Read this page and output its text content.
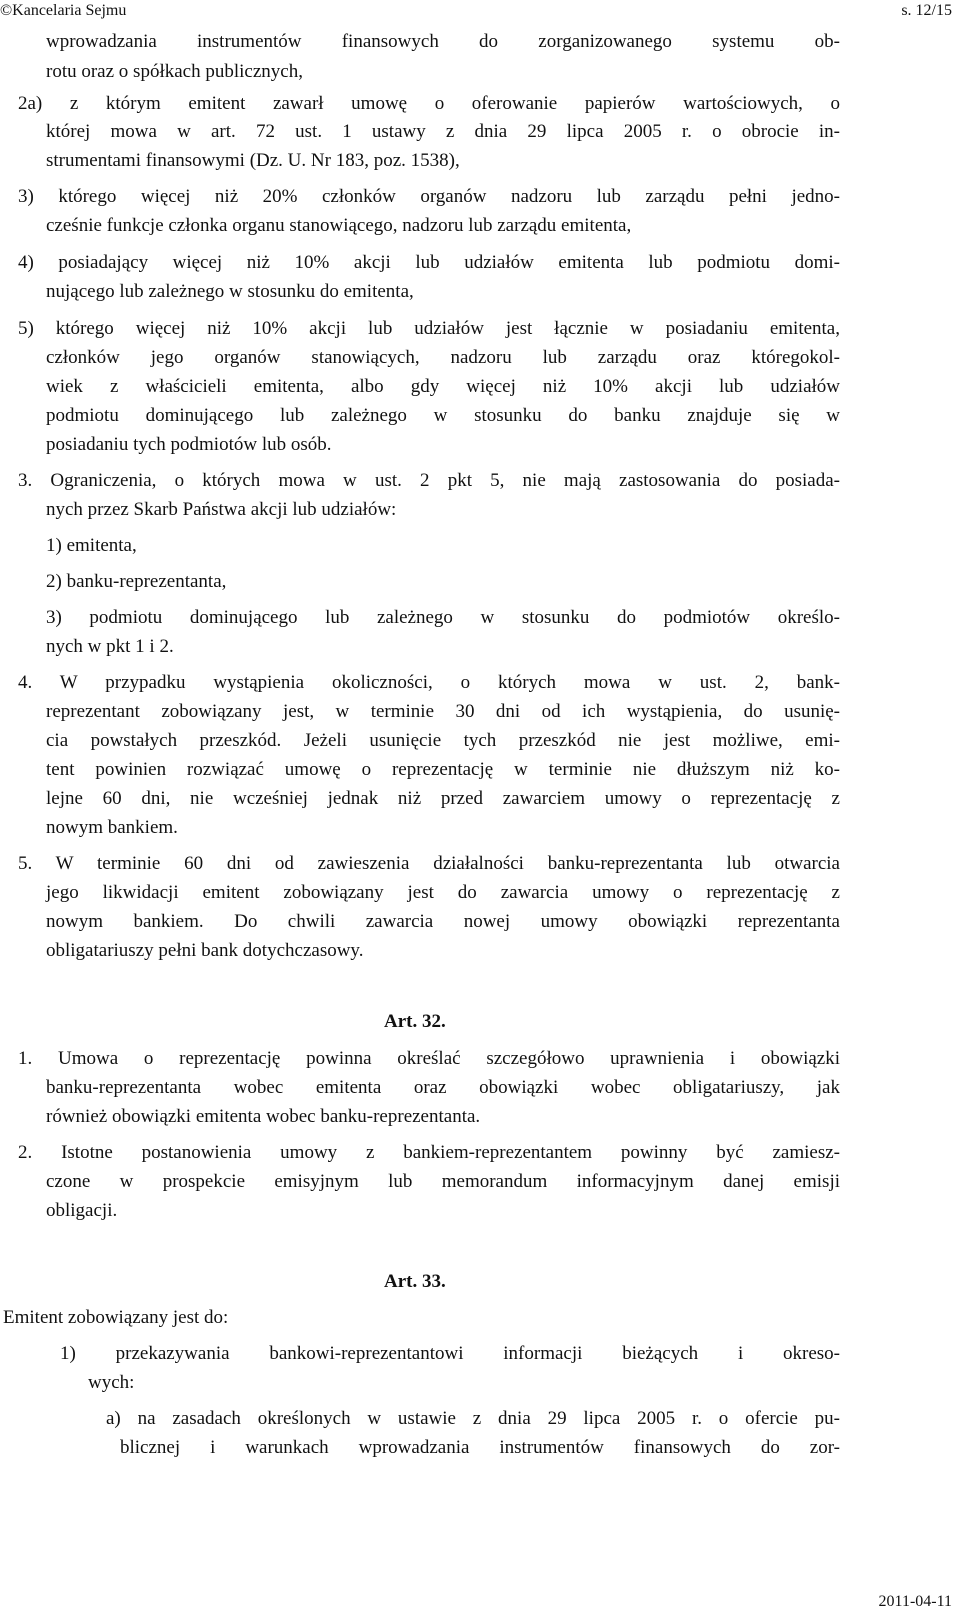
©Kancelaria Sejmu	s. 12/15
wprowadzania instrumentów finansowych do zorganizowanego systemu ob-
rotu oraz o spółkach publicznych,
2a) z którym emitent zawarł umowę o oferowanie papierów wartościowych, o
której mowa w art. 72 ust. 1 ustawy z dnia 29 lipca 2005 r. o obrocie in-
strumentami finansowymi (Dz. U. Nr 183, poz. 1538),
3) którego więcej niż 20% członków organów nadzoru lub zarządu pełni jedno-
cześnie funkcje członka organu stanowiącego, nadzoru lub zarządu emitenta,
4) posiadający więcej niż 10% akcji lub udziałów emitenta lub podmiotu domi-
nującego lub zależnego w stosunku do emitenta,
5) którego więcej niż 10% akcji lub udziałów jest łącznie w posiadaniu emitenta,
członków jego organów stanowiących, nadzoru lub zarządu oraz któregokol-
wiek z właścicieli emitenta, albo gdy więcej niż 10% akcji lub udziałów
podmiotu dominującego lub zależnego w stosunku do banku znajduje się w
posiadaniu tych podmiotów lub osób.
3. Ograniczenia, o których mowa w ust. 2 pkt 5, nie mają zastosowania do posiada-
nych przez Skarb Państwa akcji lub udziałów:
1) emitenta,
2) banku-reprezentanta,
3) podmiotu dominującego lub zależnego w stosunku do podmiotów określo-
nych w pkt 1 i 2.
4. W przypadku wystąpienia okoliczności, o których mowa w ust. 2, bank-
reprezentant zobowiązany jest, w terminie 30 dni od ich wystąpienia, do usunię-
cia powstałych przeszkód. Jeżeli usunięcie tych przeszkód nie jest możliwe, emi-
tent powinien rozwiązać umowę o reprezentację w terminie nie dłuższym niż ko-
lejne 60 dni, nie wcześniej jednak niż przed zawarciem umowy o reprezentację z
nowym bankiem.
5. W terminie 60 dni od zawieszenia działalności banku-reprezentanta lub otwarcia
jego likwidacji emitent zobowiązany jest do zawarcia umowy o reprezentację z
nowym bankiem. Do chwili zawarcia nowej umowy obowiązki reprezentanta
obligatariuszy pełni bank dotychczasowy.
Art. 32.
1. Umowa o reprezentację powinna określać szczegółowo uprawnienia i obowiązki
banku-reprezentanta wobec emitenta oraz obowiązki wobec obligatariuszy, jak
również obowiązki emitenta wobec banku-reprezentanta.
2. Istotne postanowienia umowy z bankiem-reprezentantem powinny być zamiesz-
czone w prospekcie emisyjnym lub memorandum informacyjnym danej emisji
obligacji.
Art. 33.
Emitent zobowiązany jest do:
1) przekazywania bankowi-reprezentantowi informacji bieżących i okreso-
wych:
a) na zasadach określonych w ustawie z dnia 29 lipca 2005 r. o ofercie pu-
blicznej i warunkach wprowadzania instrumentów finansowych do zor-
2011-04-11
